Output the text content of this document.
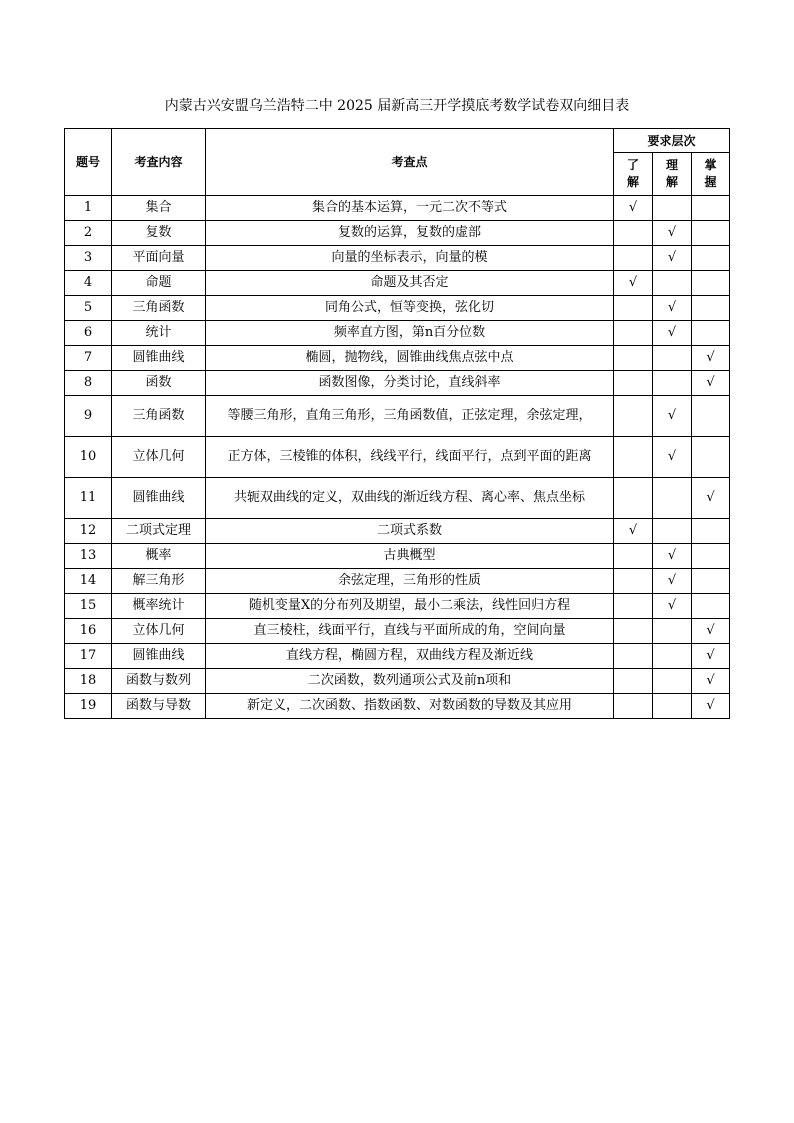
内蒙古兴安盟乌兰浩特二中 2025 届新高三开学摸底考数学试卷双向细目表
题号	考查内容	考查点	要求层次		

			了解	理解	掌握

1	集合	集合的基本运算，一元二次不等式	√		
2	复数	复数的运算，复数的虚部		√	
3	平面向量	向量的坐标表示，向量的模		√	
4	命题	命题及其否定	√		
5	三角函数	同角公式，恒等变换，弦化切		√	
6	统计	频率直方图，第n百分位数		√	
7	圆锥曲线	椭圆，抛物线，圆锥曲线焦点弦中点			√
8	函数	函数图像，分类讨论，直线斜率			√
9	三角函数	等腰三角形，直角三角形，三角函数值，正弦定理，余弦定理，		√	
10	立体几何	正方体，三棱锥的体积，线线平行，线面平行，点到平面的距离		√	
11	圆锥曲线	共轭双曲线的定义，双曲线的渐近线方程、离心率、焦点坐标			√
12	二项式定理	二项式系数	√		
13	概率	古典概型		√	
14	解三角形	余弦定理，三角形的性质		√	
15	概率统计	随机变量X的分布列及期望，最小二乘法，线性回归方程		√	
16	立体几何	直三棱柱，线面平行，直线与平面所成的角，空间向量			√
17	圆锥曲线	直线方程，椭圆方程，双曲线方程及渐近线			√
18	函数与数列	二次函数，数列通项公式及前n项和			√
19	函数与导数	新定义，二次函数、指数函数、对数函数的导数及其应用			√
